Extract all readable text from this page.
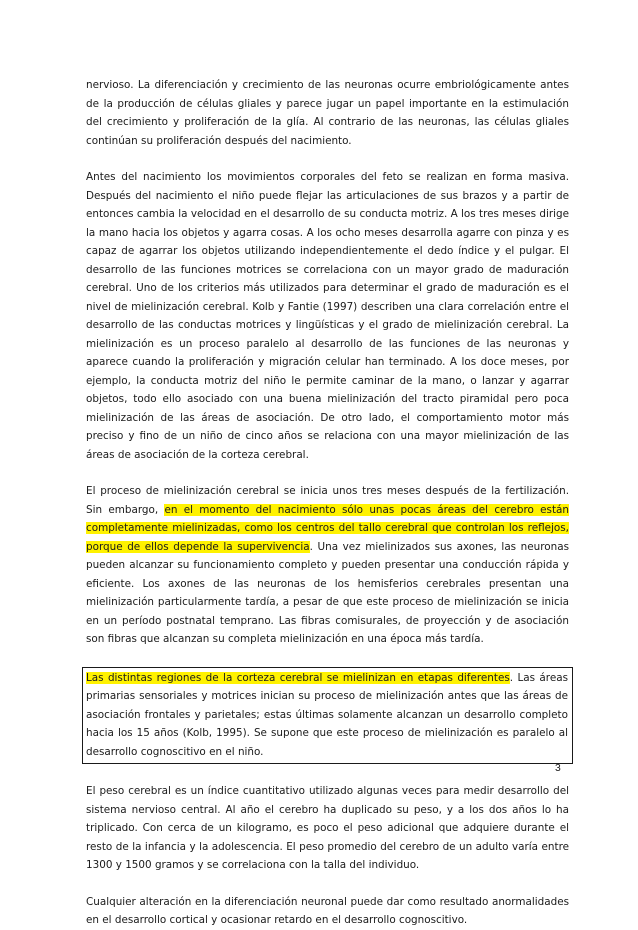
nervioso. La diferenciación y crecimiento de las neuronas ocurre embriológicamente antes de la producción de células gliales y parece jugar un papel importante en la estimulación del crecimiento y proliferación de la glía. Al contrario de las neuronas, las células gliales continúan su proliferación después del nacimiento.

Antes del nacimiento los movimientos corporales del feto se realizan en forma masiva. Después del nacimiento el niño puede flejar las articulaciones de sus brazos y a partir de entonces cambia la velocidad en el desarrollo de su conducta motriz. A los tres meses dirige la mano hacia los objetos y agarra cosas. A los ocho meses desarrolla agarre con pinza y es capaz de agarrar los objetos utilizando independientemente el dedo índice y el pulgar. El desarrollo de las funciones motrices se correlaciona con un mayor grado de maduración cerebral. Uno de los criterios más utilizados para determinar el grado de maduración es el nivel de mielinización cerebral. Kolb y Fantie (1997) describen una clara correlación entre el desarrollo de las conductas motrices y lingüísticas y el grado de mielinización cerebral. La mielinización es un proceso paralelo al desarrollo de las funciones de las neuronas y aparece cuando la proliferación y migración celular han terminado. A los doce meses, por ejemplo, la conducta motriz del niño le permite caminar de la mano, o lanzar y agarrar objetos, todo ello asociado con una buena mielinización del tracto piramidal pero poca mielinización de las áreas de asociación. De otro lado, el comportamiento motor más preciso y fino de un niño de cinco años se relaciona con una mayor mielinización de las áreas de asociación de la corteza cerebral.

El proceso de mielinización cerebral se inicia unos tres meses después de la fertilización. Sin embargo, en el momento del nacimiento sólo unas pocas áreas del cerebro están completamente mielinizadas, como los centros del tallo cerebral que controlan los reflejos, porque de ellos depende la supervivencia. Una vez mielinizados sus axones, las neuronas pueden alcanzar su funcionamiento completo y pueden presentar una conducción rápida y eficiente. Los axones de las neuronas de los hemisferios cerebrales presentan una mielinización particularmente tardía, a pesar de que este proceso de mielinización se inicia en un período postnatal temprano. Las fibras comisurales, de proyección y de asociación son fibras que alcanzan su completa mielinización en una época más tardía.

Las distintas regiones de la corteza cerebral se mielinizan en etapas diferentes. Las áreas primarias sensoriales y motrices inician su proceso de mielinización antes que las áreas de asociación frontales y parietales; estas últimas solamente alcanzan un desarrollo completo hacia los 15 años (Kolb, 1995). Se supone que este proceso de mielinización es paralelo al desarrollo cognoscitivo en el niño.

El peso cerebral es un índice cuantitativo utilizado algunas veces para medir desarrollo del sistema nervioso central. Al año el cerebro ha duplicado su peso, y a los dos años lo ha triplicado. Con cerca de un kilogramo, es poco el peso adicional que adquiere durante el resto de la infancia y la adolescencia. El peso promedio del cerebro de un adulto varía entre 1300 y 1500 gramos y se correlaciona con la talla del individuo.

Cualquier alteración en la diferenciación neuronal puede dar como resultado anormalidades en el desarrollo cortical y ocasionar retardo en el desarrollo cognoscitivo.

3
